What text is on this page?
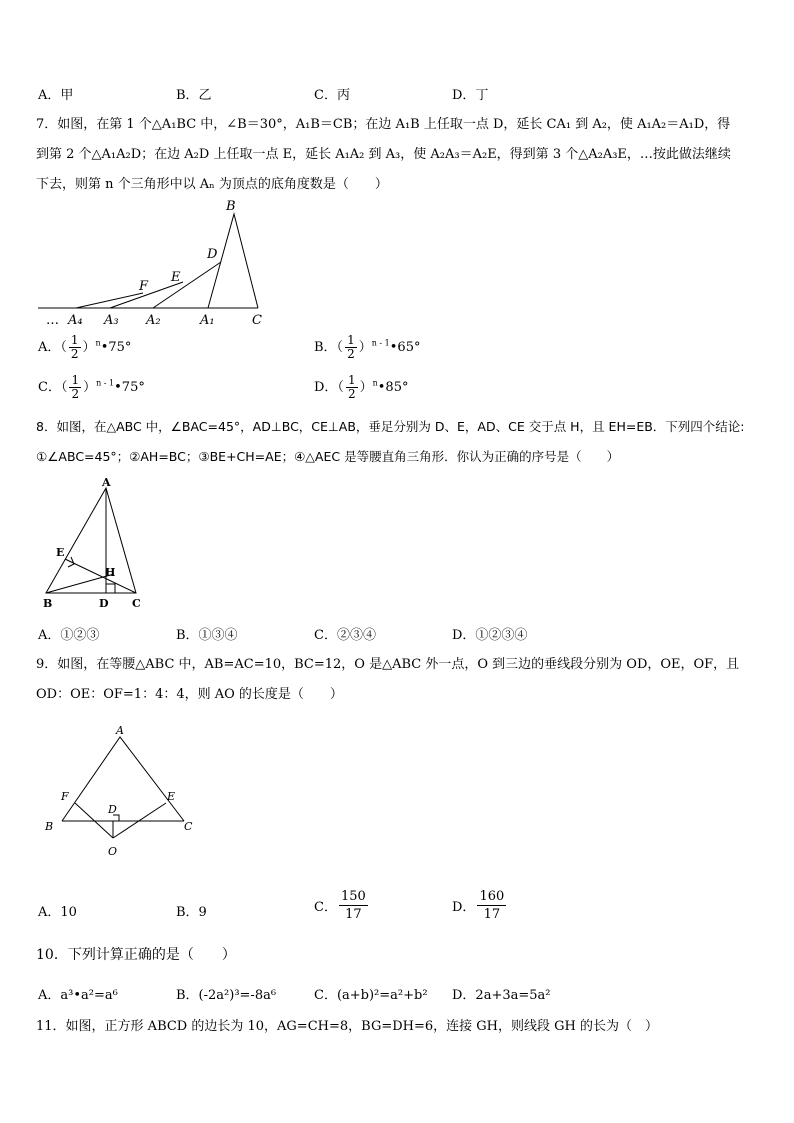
A．甲	B．乙	C．丙	D．丁
7．如图，在第 1 个△A₁BC 中，∠B＝30°，A₁B＝CB；在边 A₁B 上任取一点 D，延长 CA₁ 到 A₂，使 A₁A₂＝A₁D，得
到第 2 个△A₁A₂D；在边 A₂D 上任取一点 E，延长 A₁A₂ 到 A₃，使 A₂A₃＝A₂E，得到第 3 个△A₂A₃E，…按此做法继续
下去，则第 n 个三角形中以 Aₙ 为顶点的底角度数是（　　）
B
D
E
F
… A₄ A₃ A₂	A₁	C
A．（ $\frac{1}{2}$ ）$^n$•75°	B．（ $\frac{1}{2}$ ）$^{n - 1}$•65°
C．（ $\frac{1}{2}$ ）$^{n - 1}$•75°	D．（ $\frac{1}{2}$ ）$^n$•85°
8．如图，在△ABC 中，∠BAC=45°，AD⊥BC，CE⊥AB，垂足分别为 D、E，AD、CE 交于点 H，且 EH=EB．下列四个结论:
①∠ABC=45°；②AH=BC；③BE+CH=AE；④△AEC 是等腰直角三角形．你认为正确的序号是（　　）
A
E
H
B	D C
A．①②③	B．①③④	C．②③④	D．①②③④
9．如图，在等腰△ABC 中，AB=AC=10，BC=12，O 是△ABC 外一点，O 到三边的垂线段分别为 OD，OE，OF，且
OD：OE：OF=1：4：4，则 AO 的长度是（　　）
A
F	E
D
B	C
O
A．10	B．9	C． $\frac{150}{17}$	D． $\frac{160}{17}$
10．下列计算正确的是（　　）
A．a³•a²=a⁶	B．(-2a²)³=-8a⁶	C．(a+b)²=a²+b² D．2a+3a=5a²
11．如图，正方形 ABCD 的边长为 10，AG=CH=8，BG=DH=6，连接 GH，则线段 GH 的长为（　）
